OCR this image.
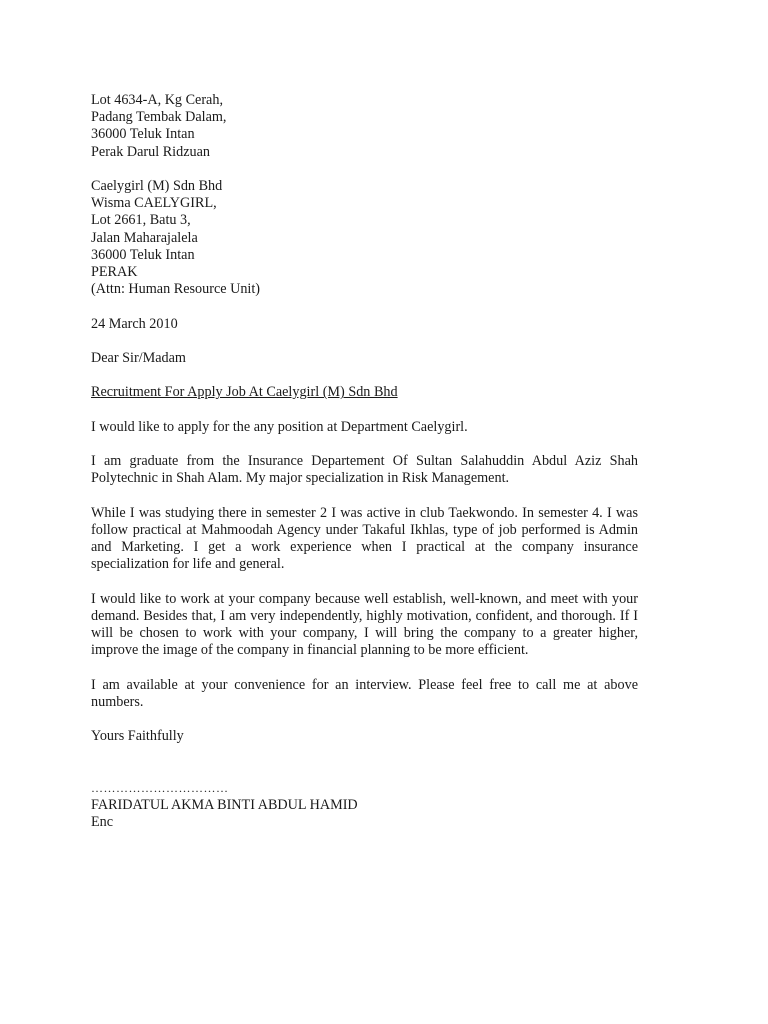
Lot 4634-A, Kg Cerah,
Padang Tembak Dalam,
36000 Teluk Intan
Perak Darul Ridzuan
Caelygirl (M) Sdn Bhd
Wisma CAELYGIRL,
Lot 2661, Batu 3,
Jalan Maharajalela
36000 Teluk Intan
PERAK
(Attn: Human Resource Unit)
24 March 2010
Dear Sir/Madam
Recruitment For Apply Job At Caelygirl (M) Sdn Bhd

I would like to apply for the any position at Department Caelygirl.

I am graduate from the Insurance Departement Of Sultan Salahuddin Abdul Aziz Shah Polytechnic in Shah Alam. My major specialization in Risk Management.

While I was studying there in semester 2 I was active in club Taekwondo. In semester 4. I was follow practical at Mahmoodah Agency under Takaful Ikhlas, type of job performed is Admin and Marketing. I get a work experience when I practical at the company insurance specialization for life and general.

I would like to work at your company because well establish, well-known, and meet with your demand. Besides that, I am very independently, highly motivation, confident, and thorough. If I will be chosen to work with your company, I will bring the company to a greater higher, improve the image of the company in financial planning to be more efficient.

I am available at your convenience for an interview. Please feel free to call me at above numbers.

Yours Faithfully
……………………………
FARIDATUL AKMA BINTI ABDUL HAMID
Enc
